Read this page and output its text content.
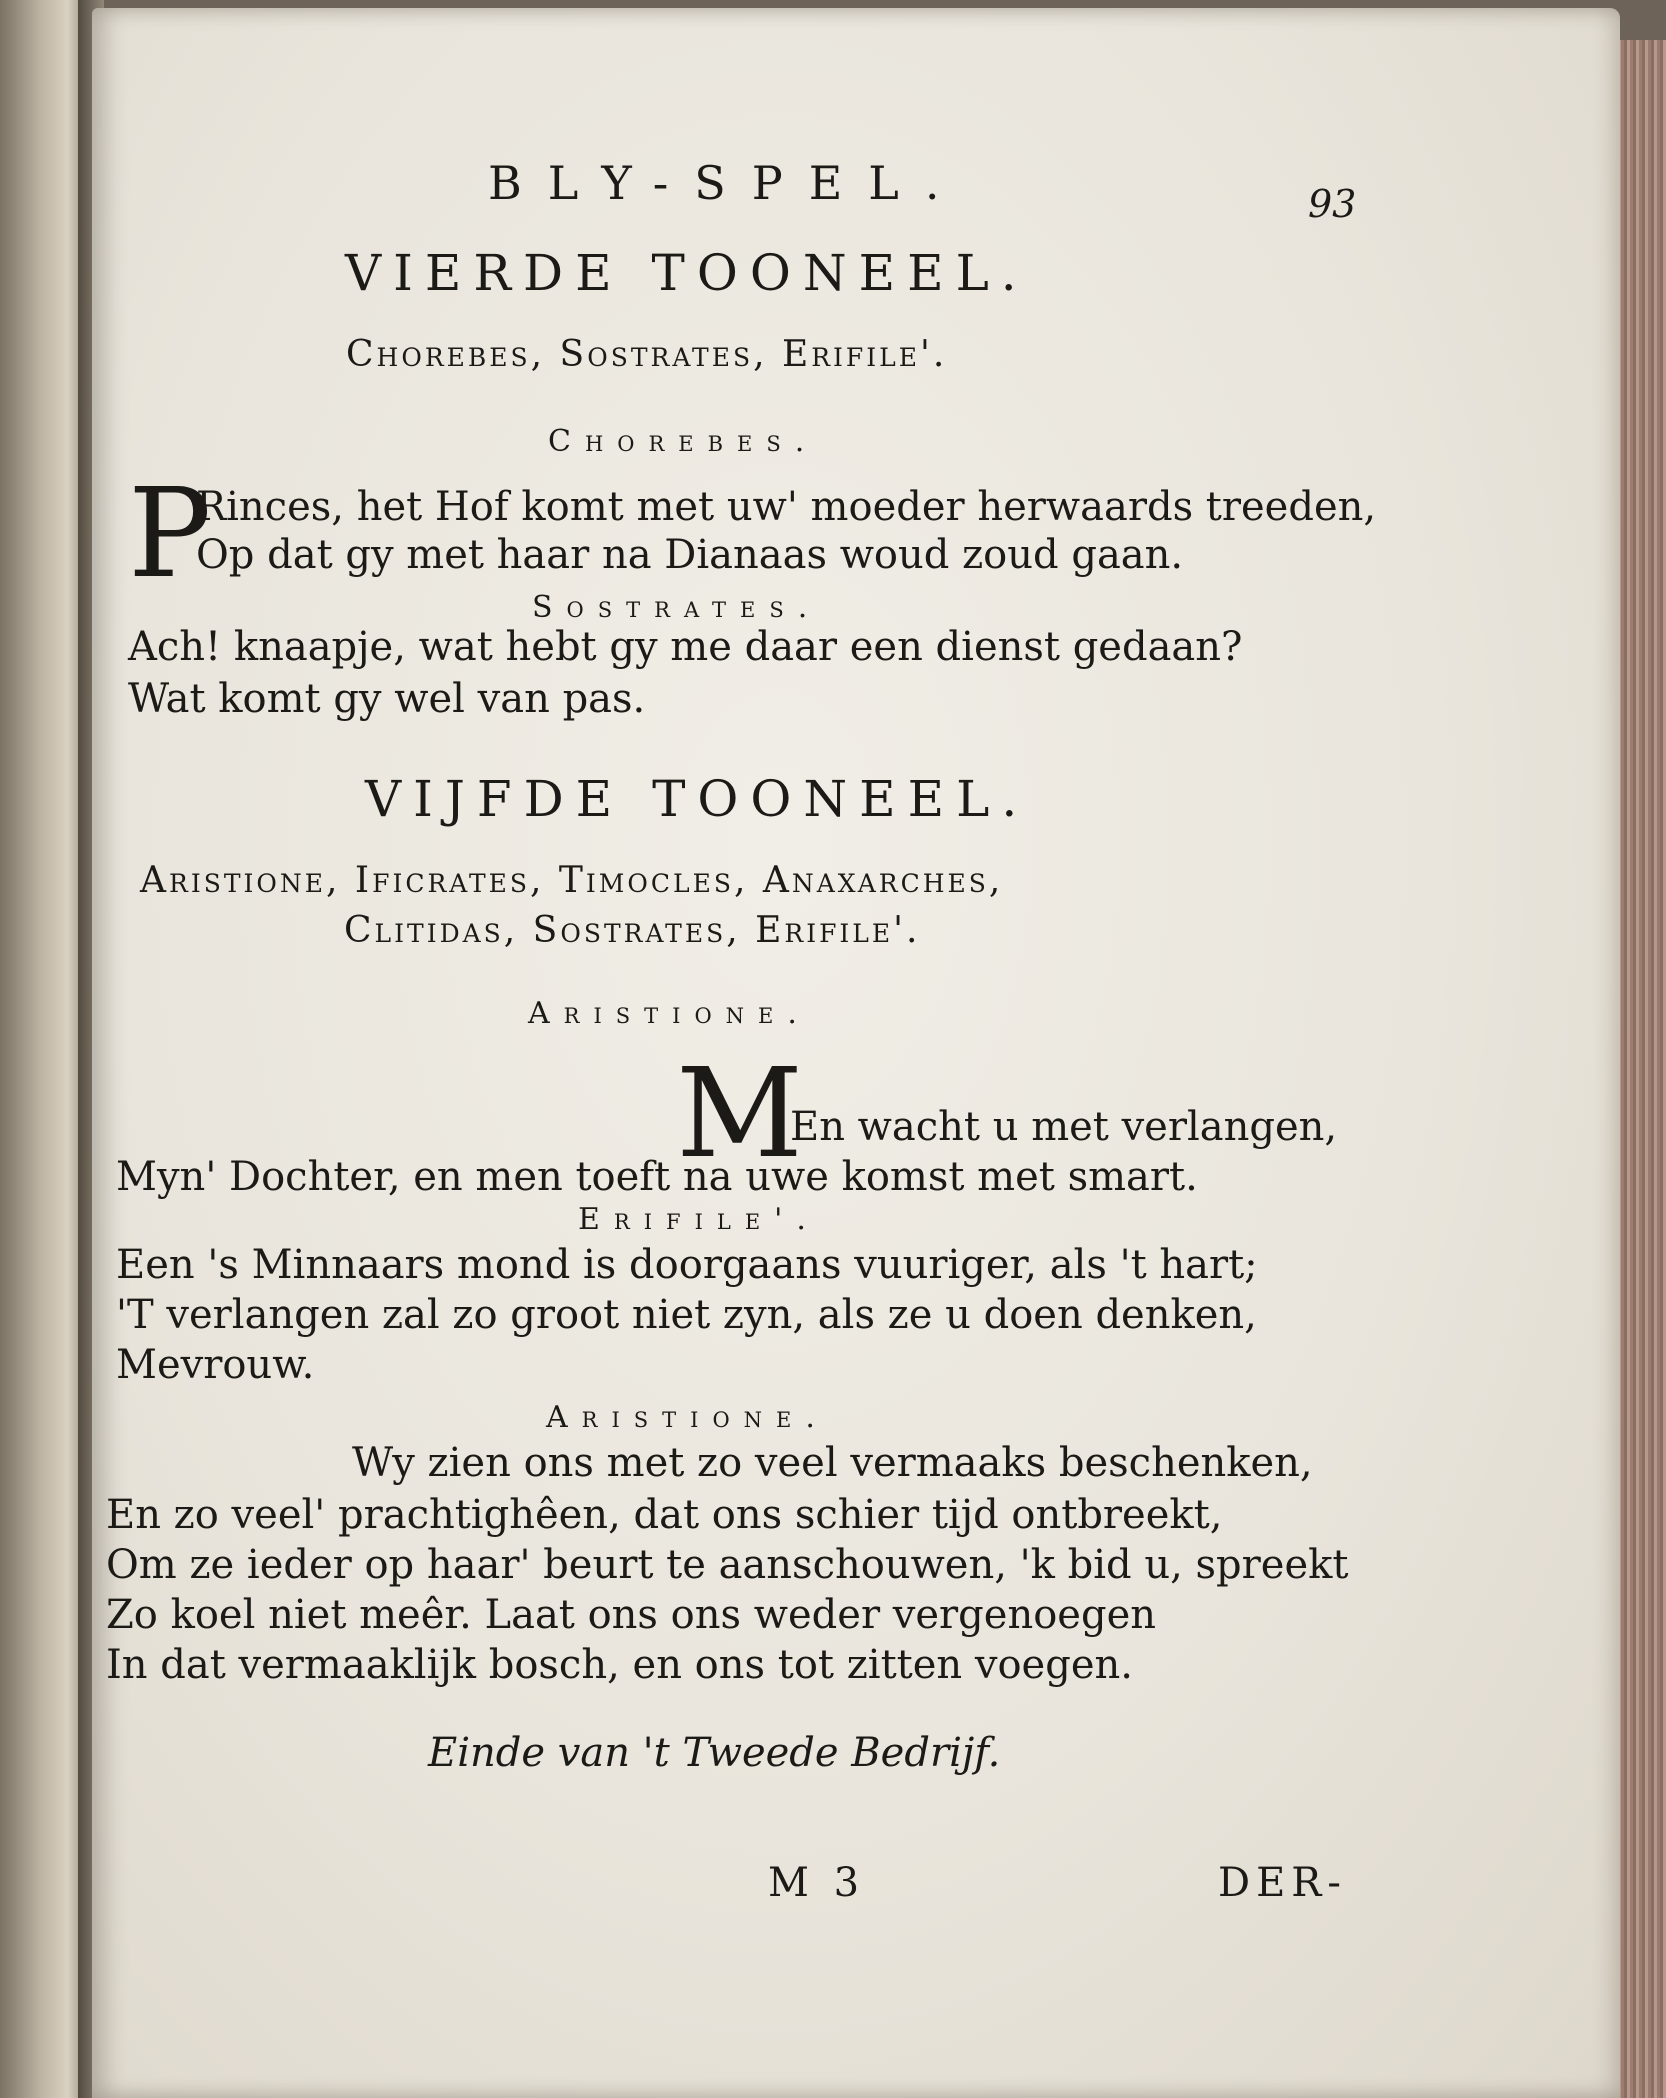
BLY-SPEL.	93
VIERDE TOONEEL.
Chorebes, Sostrates, Erifile'.
Chorebes.
P
Rinces, het Hof komt met uw' moeder herwaards treeden,
Op dat gy met haar na Dianaas woud zoud gaan.
Sostrates.
Ach! knaapje, wat hebt gy me daar een dienst gedaan?
Wat komt gy wel van pas.
VIJFDE TOONEEL.
Aristione, Ificrates, Timocles, Anaxarches,
Clitidas, Sostrates, Erifile'.
Aristione.
M
En wacht u met verlangen,
Myn' Dochter, en men toeft na uwe komst met smart.
Erifile'.
Een 's Minnaars mond is doorgaans vuuriger, als 't hart;
'T verlangen zal zo groot niet zyn, als ze u doen denken,
Mevrouw.
Aristione.
Wy zien ons met zo veel vermaaks beschenken,
En zo veel' prachtighêen, dat ons schier tijd ontbreekt,
Om ze ieder op haar' beurt te aanschouwen, 'k bid u, spreekt
Zo koel niet meêr. Laat ons ons weder vergenoegen
In dat vermaaklijk bosch, en ons tot zitten voegen.
Einde van 't Tweede Bedrijf.
M 3	DER-
